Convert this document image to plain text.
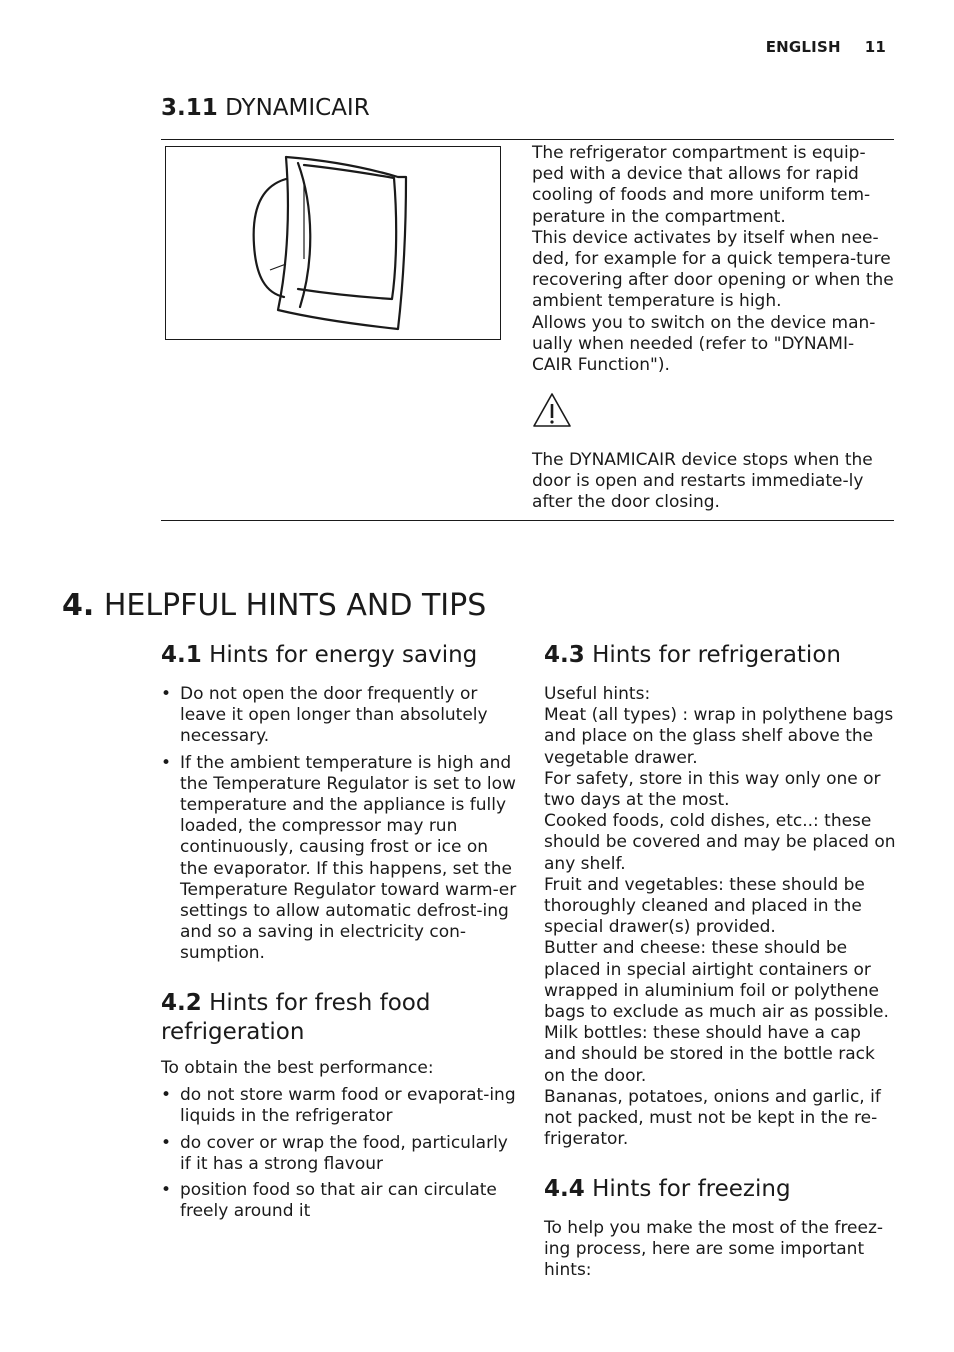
ENGLISH 11
3.11 DYNAMICAIR

The refrigerator compartment is equip-ped with a device that allows for rapid cooling of foods and more uniform tem-perature in the compartment.

This device activates by itself when nee-ded, for example for a quick tempera-ture recovering after door opening or when the ambient temperature is high.

Allows you to switch on the device man-ually when needed (refer to "DYNAMI-CAIR Function").

The DYNAMICAIR device stops when the door is open and restarts immediate-ly after the door closing.

4. HELPFUL HINTS AND TIPS
4.1 Hints for energy saving
• Do not open the door frequently or leave it open longer than absolutely necessary.
• If the ambient temperature is high and the Temperature Regulator is set to low temperature and the appliance is fully loaded, the compressor may run continuously, causing frost or ice on the evaporator. If this happens, set the Temperature Regulator toward warm-er settings to allow automatic defrost-ing and so a saving in electricity con-sumption.
4.2 Hints for fresh food
refrigeration

To obtain the best performance:

• do not store warm food or evaporat-ing liquids in the refrigerator
• do cover or wrap the food, particularly if it has a strong flavour
• position food so that air can circulate freely around it
4.3 Hints for refrigeration

Useful hints:

Meat (all types) : wrap in polythene bags and place on the glass shelf above the vegetable drawer.

For safety, store in this way only one or two days at the most.

Cooked foods, cold dishes, etc..: these should be covered and may be placed on any shelf.

Fruit and vegetables: these should be thoroughly cleaned and placed in the special drawer(s) provided.

Butter and cheese: these should be placed in special airtight containers or wrapped in aluminium foil or polythene bags to exclude as much air as possible.

Milk bottles: these should have a cap and should be stored in the bottle rack on the door.

Bananas, potatoes, onions and garlic, if not packed, must not be kept in the re-frigerator.

4.4 Hints for freezing

To help you make the most of the freez-ing process, here are some important hints:
